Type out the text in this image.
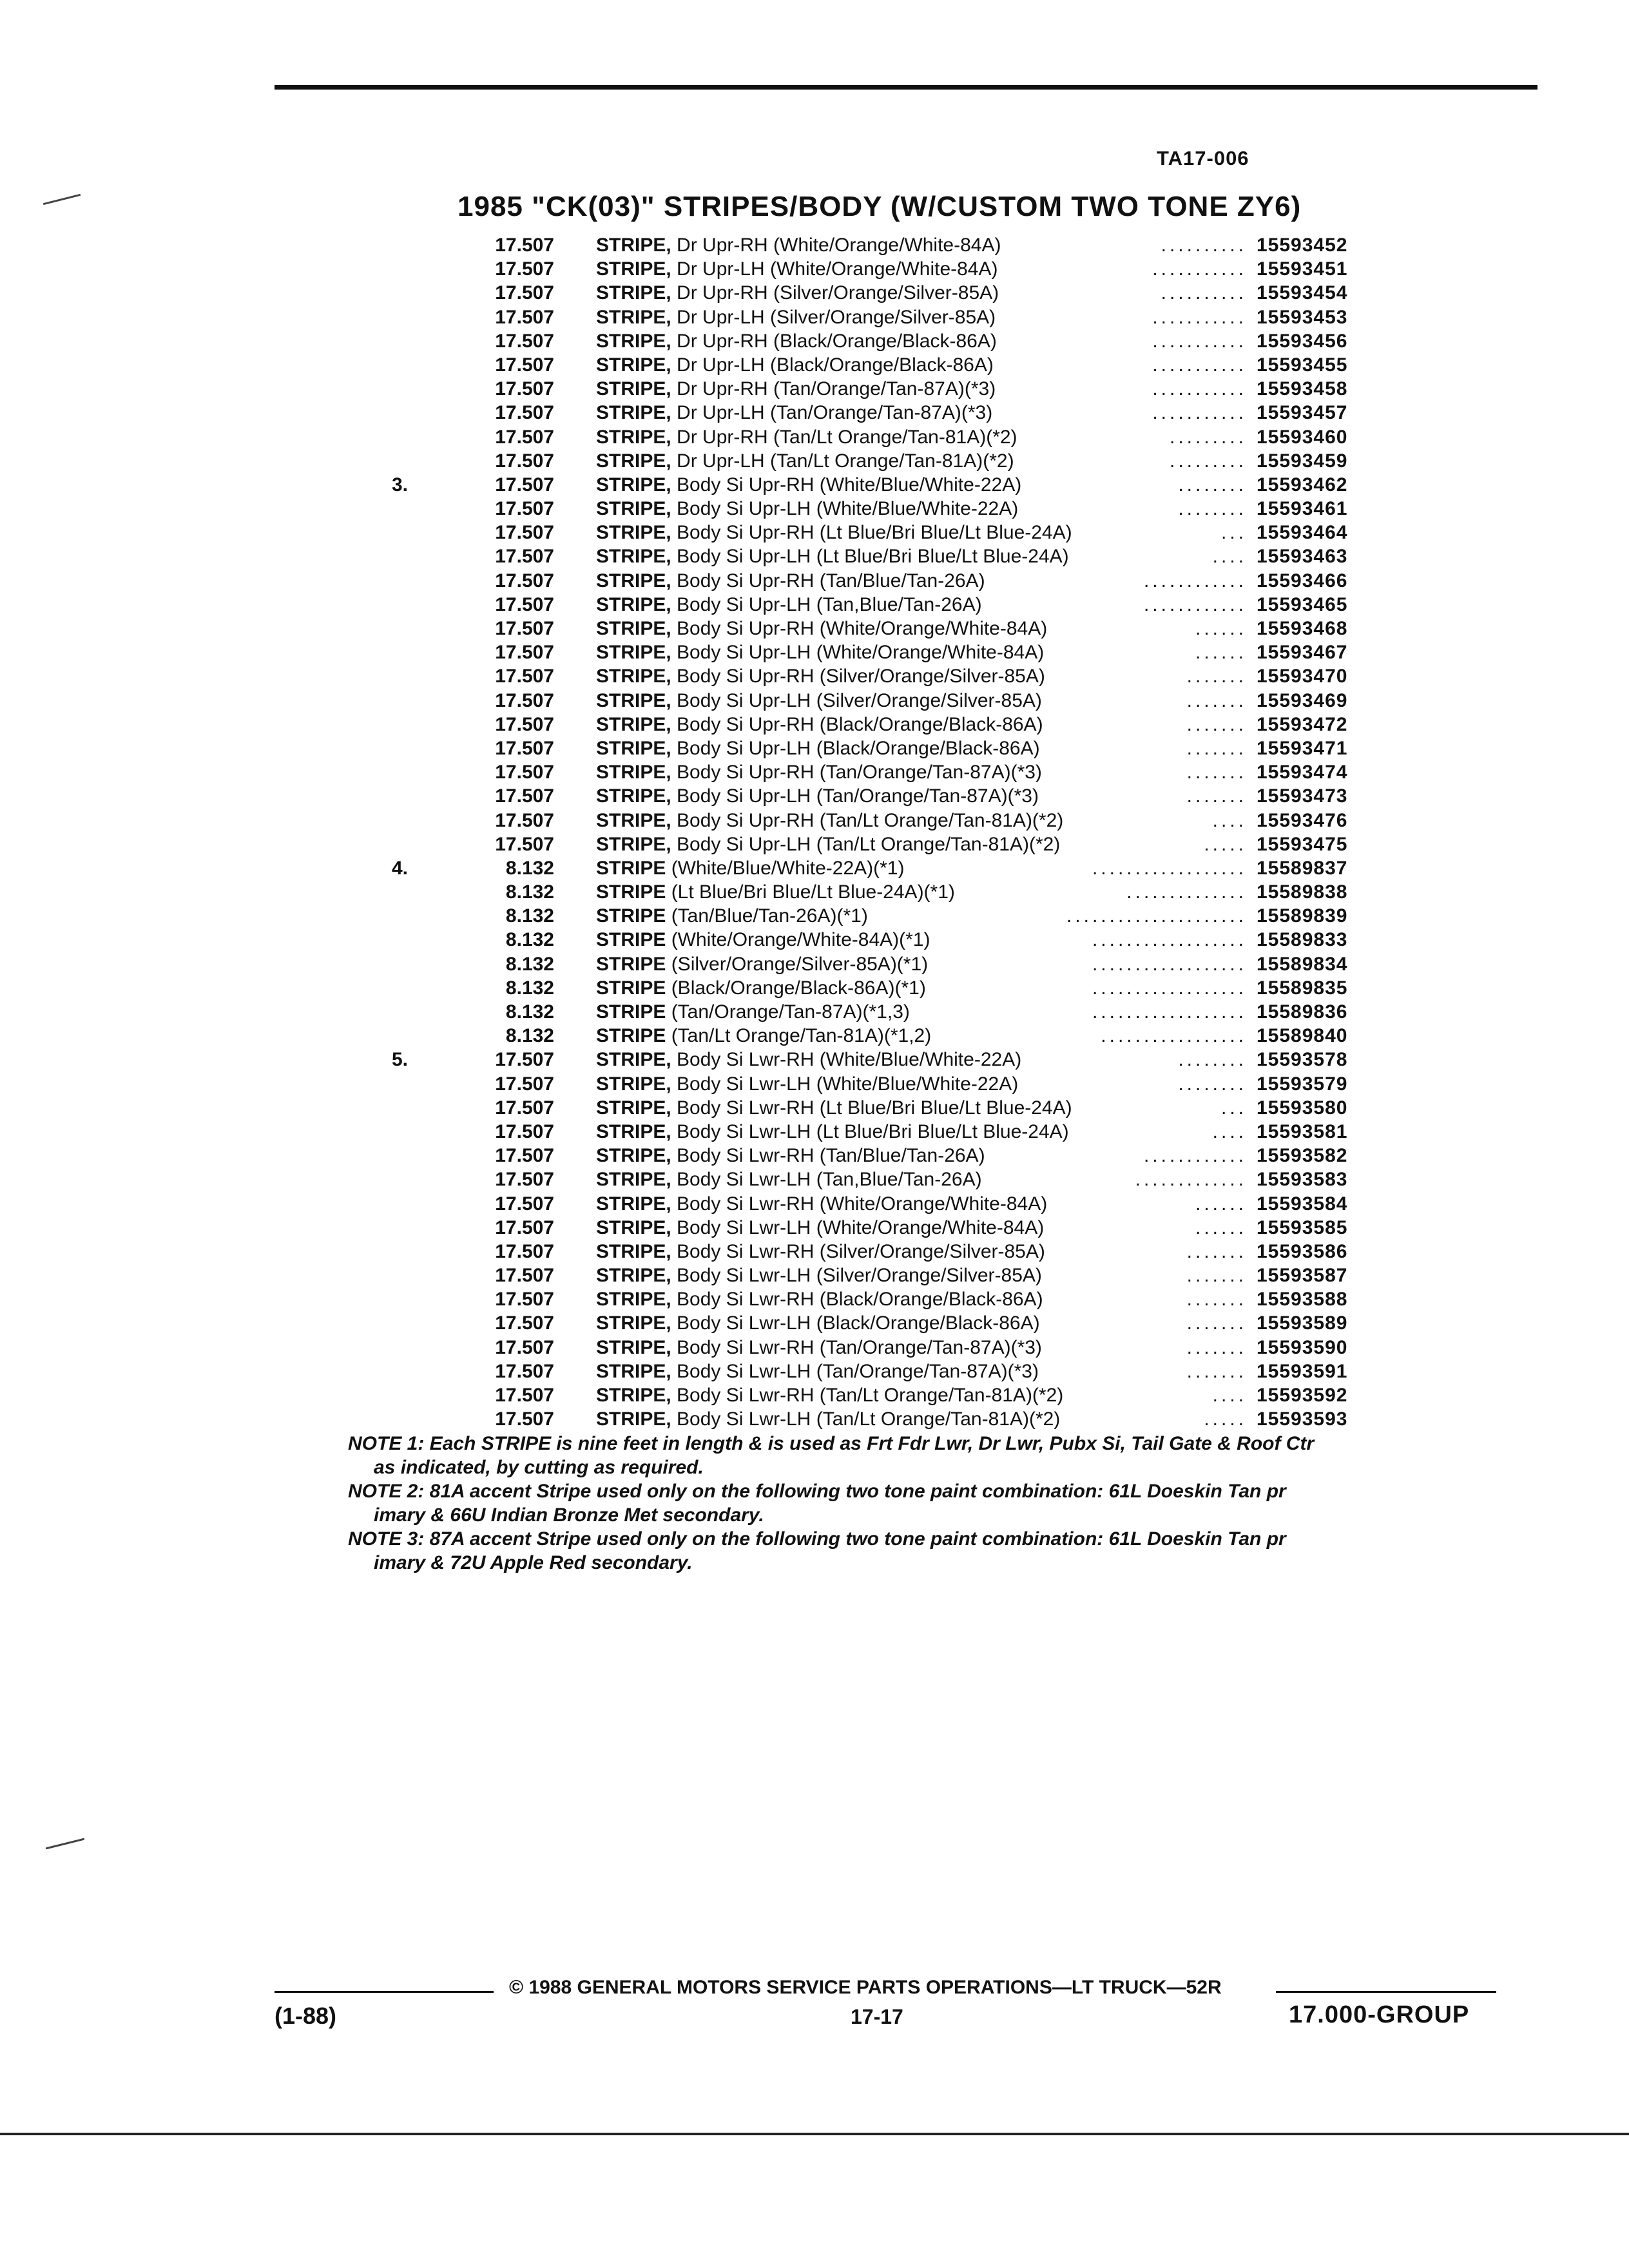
TA17-006
1985 "CK(03)" STRIPES/BODY (W/CUSTOM TWO TONE ZY6)
17.507 STRIPE, Dr Upr-RH (White/Orange/White-84A)	15593452
..........
17.507 STRIPE, Dr Upr-LH (White/Orange/White-84A)	15593451
...........
17.507 STRIPE, Dr Upr-RH (Silver/Orange/Silver-85A)	15593454
..........
17.507 STRIPE, Dr Upr-LH (Silver/Orange/Silver-85A)	15593453
...........
17.507 STRIPE, Dr Upr-RH (Black/Orange/Black-86A)	15593456
...........
17.507 STRIPE, Dr Upr-LH (Black/Orange/Black-86A)	15593455
...........
17.507 STRIPE, Dr Upr-RH (Tan/Orange/Tan-87A)(*3)	15593458
...........
17.507 STRIPE, Dr Upr-LH (Tan/Orange/Tan-87A)(*3)	15593457
...........
17.507 STRIPE, Dr Upr-RH (Tan/Lt Orange/Tan-81A)(*2)	15593460
.........
17.507 STRIPE, Dr Upr-LH (Tan/Lt Orange/Tan-81A)(*2)	15593459
.........
3.	17.507 STRIPE, Body Si Upr-RH (White/Blue/White-22A)	15593462
........
17.507 STRIPE, Body Si Upr-LH (White/Blue/White-22A)	15593461
........
17.507 STRIPE, Body Si Upr-RH (Lt Blue/Bri Blue/Lt Blue-24A)	15593464
...
17.507 STRIPE, Body Si Upr-LH (Lt Blue/Bri Blue/Lt Blue-24A)	15593463
....
17.507 STRIPE, Body Si Upr-RH (Tan/Blue/Tan-26A)	15593466
............
17.507 STRIPE, Body Si Upr-LH (Tan,Blue/Tan-26A)	15593465
............
17.507 STRIPE, Body Si Upr-RH (White/Orange/White-84A)	15593468
......
17.507 STRIPE, Body Si Upr-LH (White/Orange/White-84A)	15593467
......
17.507 STRIPE, Body Si Upr-RH (Silver/Orange/Silver-85A)	15593470
.......
17.507 STRIPE, Body Si Upr-LH (Silver/Orange/Silver-85A)	15593469
.......
17.507 STRIPE, Body Si Upr-RH (Black/Orange/Black-86A)	15593472
.......
17.507 STRIPE, Body Si Upr-LH (Black/Orange/Black-86A)	15593471
.......
17.507 STRIPE, Body Si Upr-RH (Tan/Orange/Tan-87A)(*3)	15593474
.......
17.507 STRIPE, Body Si Upr-LH (Tan/Orange/Tan-87A)(*3)	15593473
.......
17.507 STRIPE, Body Si Upr-RH (Tan/Lt Orange/Tan-81A)(*2)	15593476
....
17.507 STRIPE, Body Si Upr-LH (Tan/Lt Orange/Tan-81A)(*2)	15593475
.....
4.	8.132 STRIPE (White/Blue/White-22A)(*1)	15589837
..................
8.132 STRIPE (Lt Blue/Bri Blue/Lt Blue-24A)(*1)	15589838
..............
8.132 STRIPE (Tan/Blue/Tan-26A)(*1)	15589839
.....................
8.132 STRIPE (White/Orange/White-84A)(*1)	15589833
..................
8.132 STRIPE (Silver/Orange/Silver-85A)(*1)	15589834
..................
8.132 STRIPE (Black/Orange/Black-86A)(*1)	15589835
..................
8.132 STRIPE (Tan/Orange/Tan-87A)(*1,3)	15589836
..................
8.132 STRIPE (Tan/Lt Orange/Tan-81A)(*1,2)	15589840
.................
5.	17.507 STRIPE, Body Si Lwr-RH (White/Blue/White-22A)	15593578
........
17.507 STRIPE, Body Si Lwr-LH (White/Blue/White-22A)	15593579
........
17.507 STRIPE, Body Si Lwr-RH (Lt Blue/Bri Blue/Lt Blue-24A)	15593580
...
17.507 STRIPE, Body Si Lwr-LH (Lt Blue/Bri Blue/Lt Blue-24A)	15593581
....
17.507 STRIPE, Body Si Lwr-RH (Tan/Blue/Tan-26A)	15593582
............
17.507 STRIPE, Body Si Lwr-LH (Tan,Blue/Tan-26A)	15593583
.............
17.507 STRIPE, Body Si Lwr-RH (White/Orange/White-84A)	15593584
......
17.507 STRIPE, Body Si Lwr-LH (White/Orange/White-84A)	15593585
......
17.507 STRIPE, Body Si Lwr-RH (Silver/Orange/Silver-85A)	15593586
.......
17.507 STRIPE, Body Si Lwr-LH (Silver/Orange/Silver-85A)	15593587
.......
17.507 STRIPE, Body Si Lwr-RH (Black/Orange/Black-86A)	15593588
.......
17.507 STRIPE, Body Si Lwr-LH (Black/Orange/Black-86A)	15593589
.......
17.507 STRIPE, Body Si Lwr-RH (Tan/Orange/Tan-87A)(*3)	15593590
.......
17.507 STRIPE, Body Si Lwr-LH (Tan/Orange/Tan-87A)(*3)	15593591
.......
17.507 STRIPE, Body Si Lwr-RH (Tan/Lt Orange/Tan-81A)(*2)	15593592
....
17.507 STRIPE, Body Si Lwr-LH (Tan/Lt Orange/Tan-81A)(*2)	15593593
.....
NOTE 1: Each STRIPE is nine feet in length & is used as Frt Fdr Lwr, Dr Lwr, Pubx Si, Tail Gate & Roof Ctr
as indicated, by cutting as required.
NOTE 2: 81A accent Stripe used only on the following two tone paint combination: 61L Doeskin Tan pr
imary & 66U Indian Bronze Met secondary.
NOTE 3: 87A accent Stripe used only on the following two tone paint combination: 61L Doeskin Tan pr
imary & 72U Apple Red secondary.
© 1988 GENERAL MOTORS SERVICE PARTS OPERATIONS—LT TRUCK—52R
(1-88)	17-17	17.000-GROUP
